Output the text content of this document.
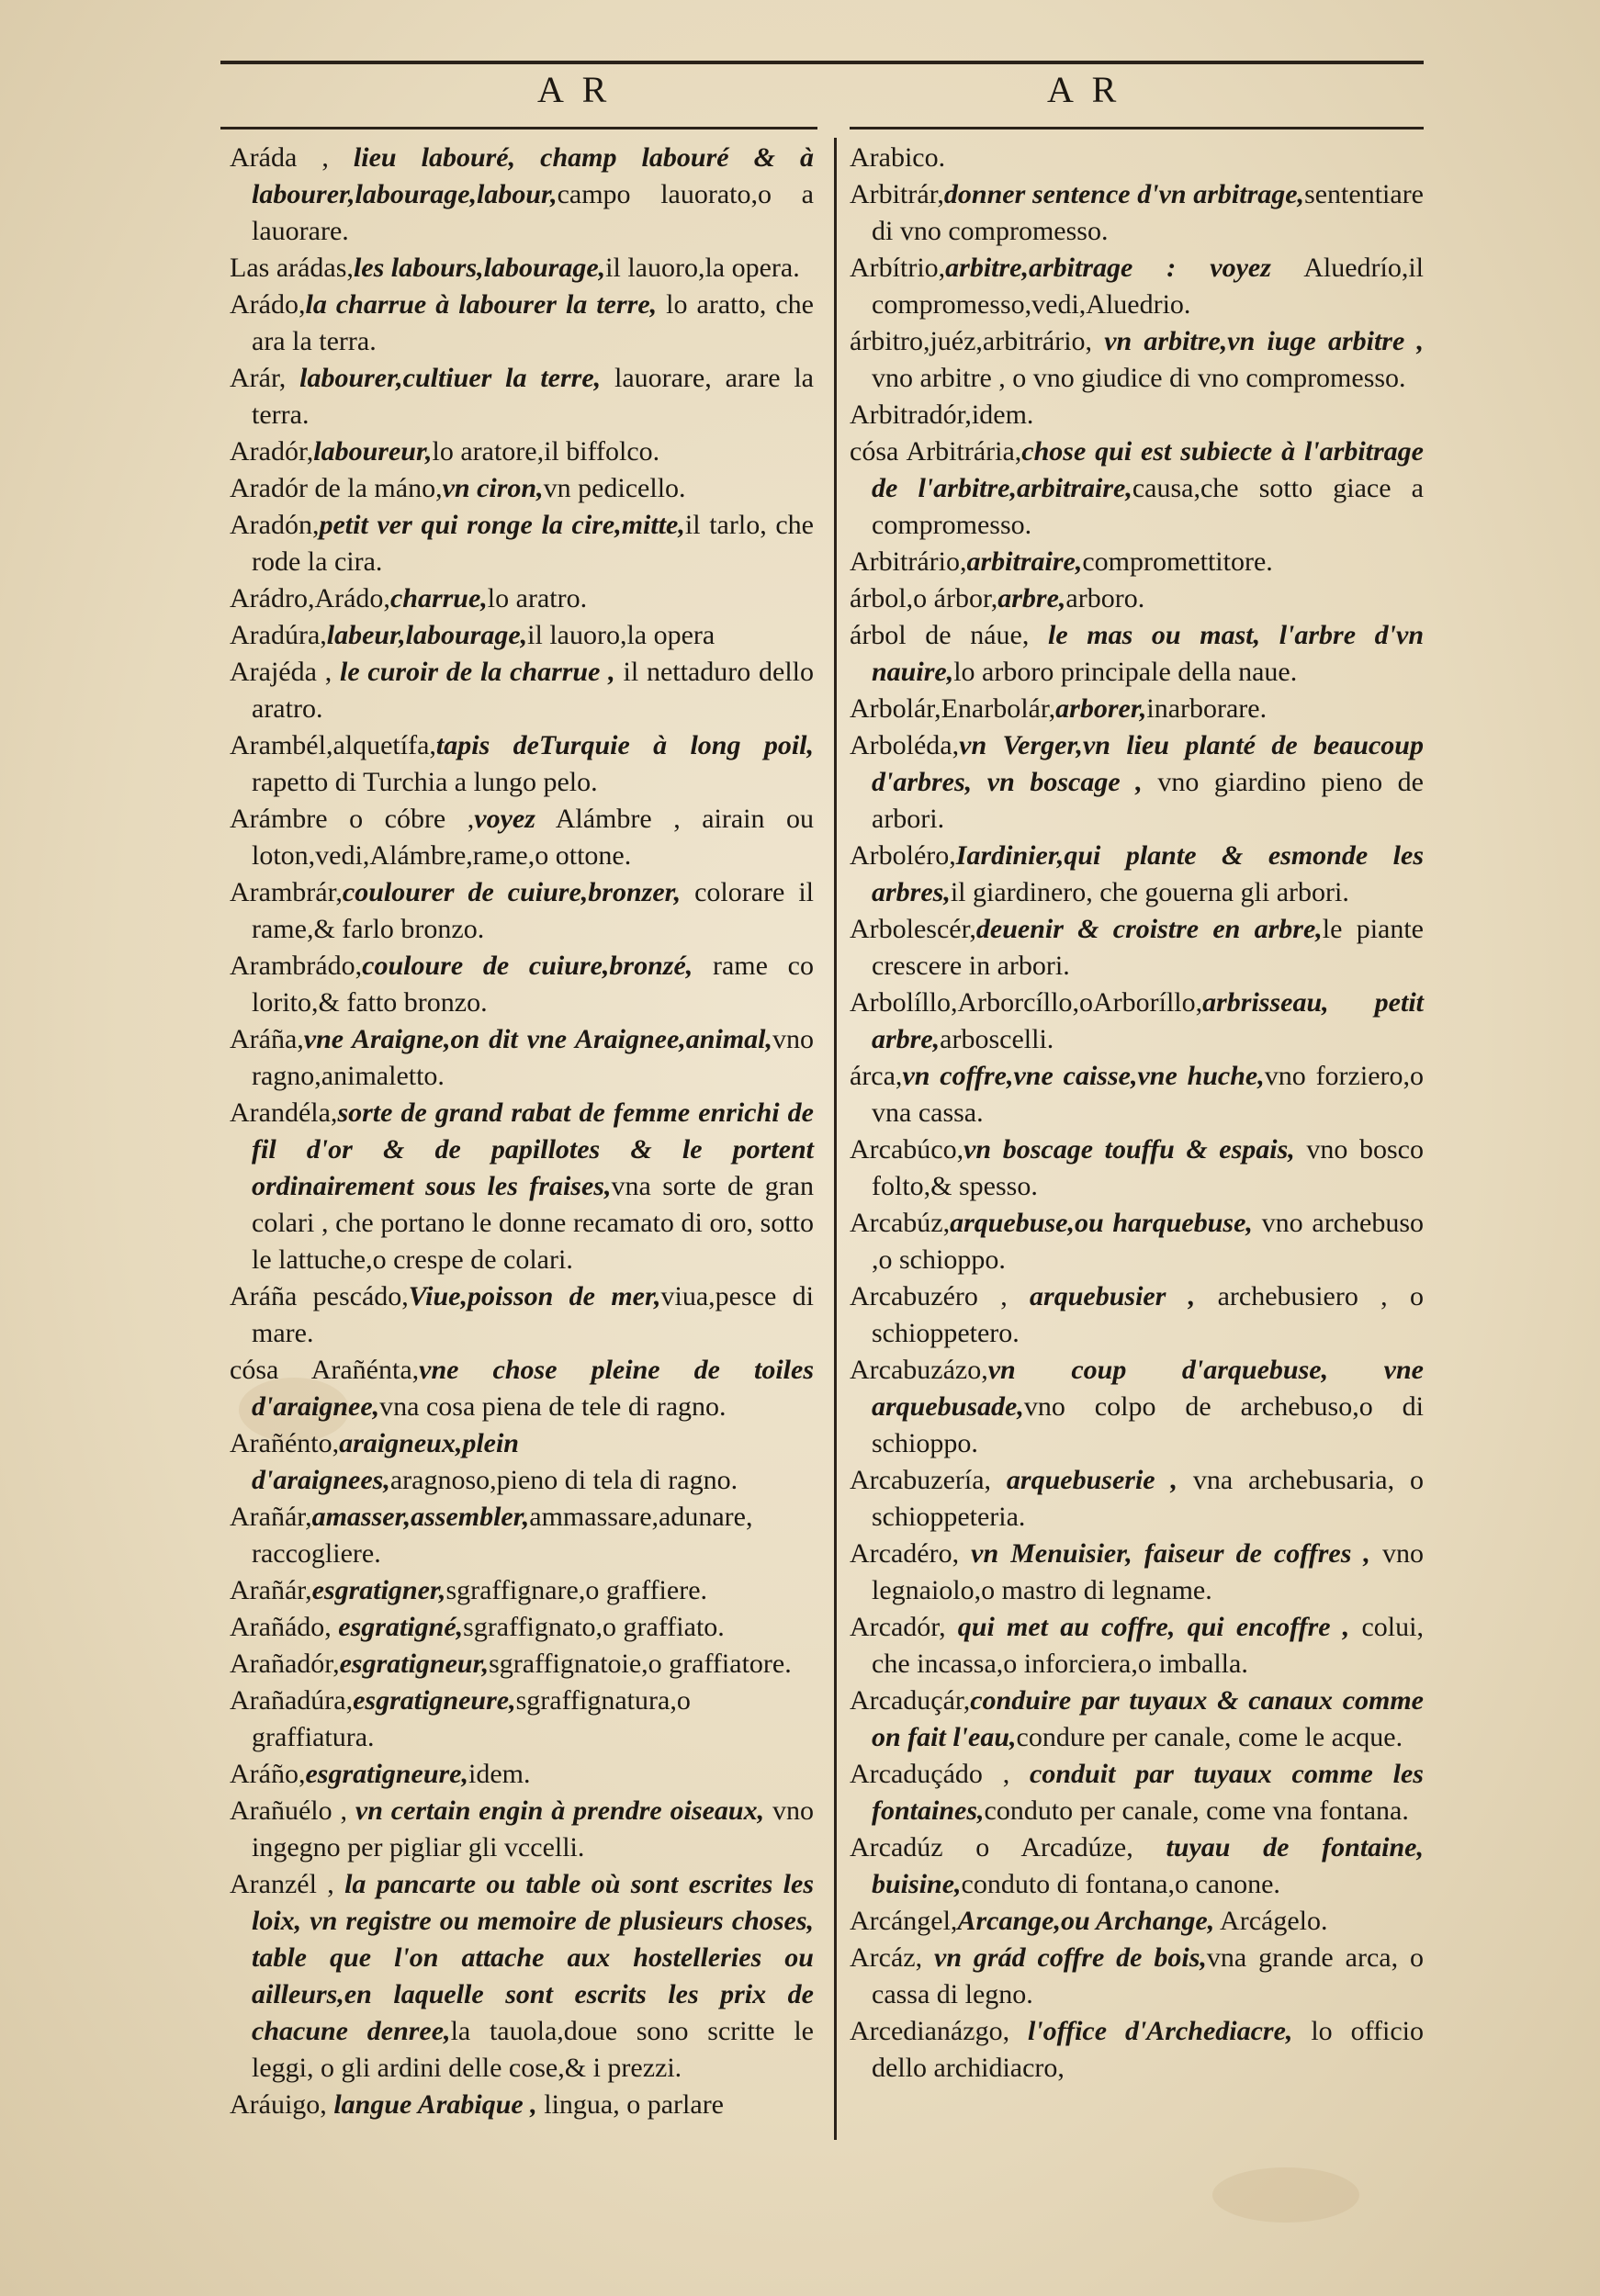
A R	A R

Aráda , lieu labouré, champ labouré & à labourer,labourage,labour,campo lauorato,o a lauorare.

Las arádas,les labours,labourage,il lauoro,la opera.

Arádo,la charrue à labourer la terre, lo aratto, che ara la terra.

Arár, labourer,cultiuer la terre, lauorare, arare la terra.

Aradór,laboureur,lo aratore,il biffolco.

Aradór de la máno,vn ciron,vn pedicello.

Aradón,petit ver qui ronge la cire,mitte,il tarlo, che rode la cira.

Arádro,Arádo,charrue,lo aratro.

Aradúra,labeur,labourage,il lauoro,la opera

Arajéda , le curoir de la charrue , il nettaduro dello aratro.

Arambél,alquetífa,tapis deTurquie à long poil, rapetto di Turchia a lungo pelo.

Arámbre o cóbre ,voyez Alámbre , airain ou loton,vedi,Alámbre,rame,o ottone.

Arambrár,coulourer de cuiure,bronzer, colorare il rame,& farlo bronzo.

Arambrádo,couloure de cuiure,bronzé, rame co lorito,& fatto bronzo.

Aráña,vne Araigne,on dit vne Araignee,animal,vno ragno,animaletto.

Arandéla,sorte de grand rabat de femme enrichi de fil d'or & de papillotes & le portent ordinairement sous les fraises,vna sorte de gran colari , che portano le donne recamato di oro, sotto le lattuche,o crespe de colari.

Aráña pescádo,Viue,poisson de mer,viua,pesce di mare.

cósa Arañénta,vne chose pleine de toiles d'araignee,vna cosa piena de tele di ragno.

Arañénto,araigneux,plein d'araignees,aragnoso,pieno di tela di ragno.

Arañár,amasser,assembler,ammassare,adunare, raccogliere.

Arañár,esgratigner,sgraffignare,o graffiere.

Arañádo, esgratigné,sgraffignato,o graffiato.

Arañadór,esgratigneur,sgraffignatoie,o graffiatore.

Arañadúra,esgratigneure,sgraffignatura,o graffiatura.

Aráño,esgratigneure,idem.

Arañuélo , vn certain engin à prendre oiseaux, vno ingegno per pigliar gli vccelli.

Aranzél , la pancarte ou table où sont escrites les loix, vn registre ou memoire de plusieurs choses, table que l'on attache aux hostelleries ou ailleurs,en laquelle sont escrits les prix de chacune denree,la tauola,doue sono scritte le leggi, o gli ardini delle cose,& i prezzi.

Aráuigo, langue Arabique , lingua, o parlare

Arabico.

Arbitrár,donner sentence d'vn arbitrage,sententiare di vno compromesso.

Arbítrio,arbitre,arbitrage : voyez Aluedrío,il compromesso,vedi,Aluedrio.

árbitro,juéz,arbitrário, vn arbitre,vn iuge arbitre , vno arbitre , o vno giudice di vno compromesso.

Arbitradór,idem.

cósa Arbitrária,chose qui est subiecte à l'arbitrage de l'arbitre,arbitraire,causa,che sotto giace a compromesso.

Arbitrário,arbitraire,compromettitore.

árbol,o árbor,arbre,arboro.

árbol de náue, le mas ou mast, l'arbre d'vn nauire,lo arboro principale della naue.

Arbolár,Enarbolár,arborer,inarborare.

Arboléda,vn Verger,vn lieu planté de beaucoup d'arbres, vn boscage , vno giardino pieno de arbori.

Arboléro,Iardinier,qui plante & esmonde les arbres,il giardinero, che gouerna gli arbori.

Arbolescér,deuenir & croistre en arbre,le piante crescere in arbori.

Arbolíllo,Arborcíllo,oArboríllo,arbrisseau, petit arbre,arboscelli.

árca,vn coffre,vne caisse,vne huche,vno forziero,o vna cassa.

Arcabúco,vn boscage touffu & espais, vno bosco folto,& spesso.

Arcabúz,arquebuse,ou harquebuse, vno archebuso ,o schioppo.

Arcabuzéro , arquebusier , archebusiero , o schioppetero.

Arcabuzázo,vn coup d'arquebuse, vne arquebusade,vno colpo de archebuso,o di schioppo.

Arcabuzería, arquebuserie , vna archebusaria, o schioppeteria.

Arcadéro, vn Menuisier, faiseur de coffres , vno legnaiolo,o mastro di legname.

Arcadór, qui met au coffre, qui encoffre , colui, che incassa,o inforciera,o imballa.

Arcaduçár,conduire par tuyaux & canaux comme on fait l'eau,condure per canale, come le acque.

Arcaduçádo , conduit par tuyaux comme les fontaines,conduto per canale, come vna fontana.

Arcadúz o Arcadúze, tuyau de fontaine, buisine,conduto di fontana,o canone.

Arcángel,Arcange,ou Archange, Arcágelo.

Arcáz, vn grád coffre de bois,vna grande arca, o cassa di legno.

Arcedianázgo, l'office d'Archediacre, lo officio dello archidiacro,
